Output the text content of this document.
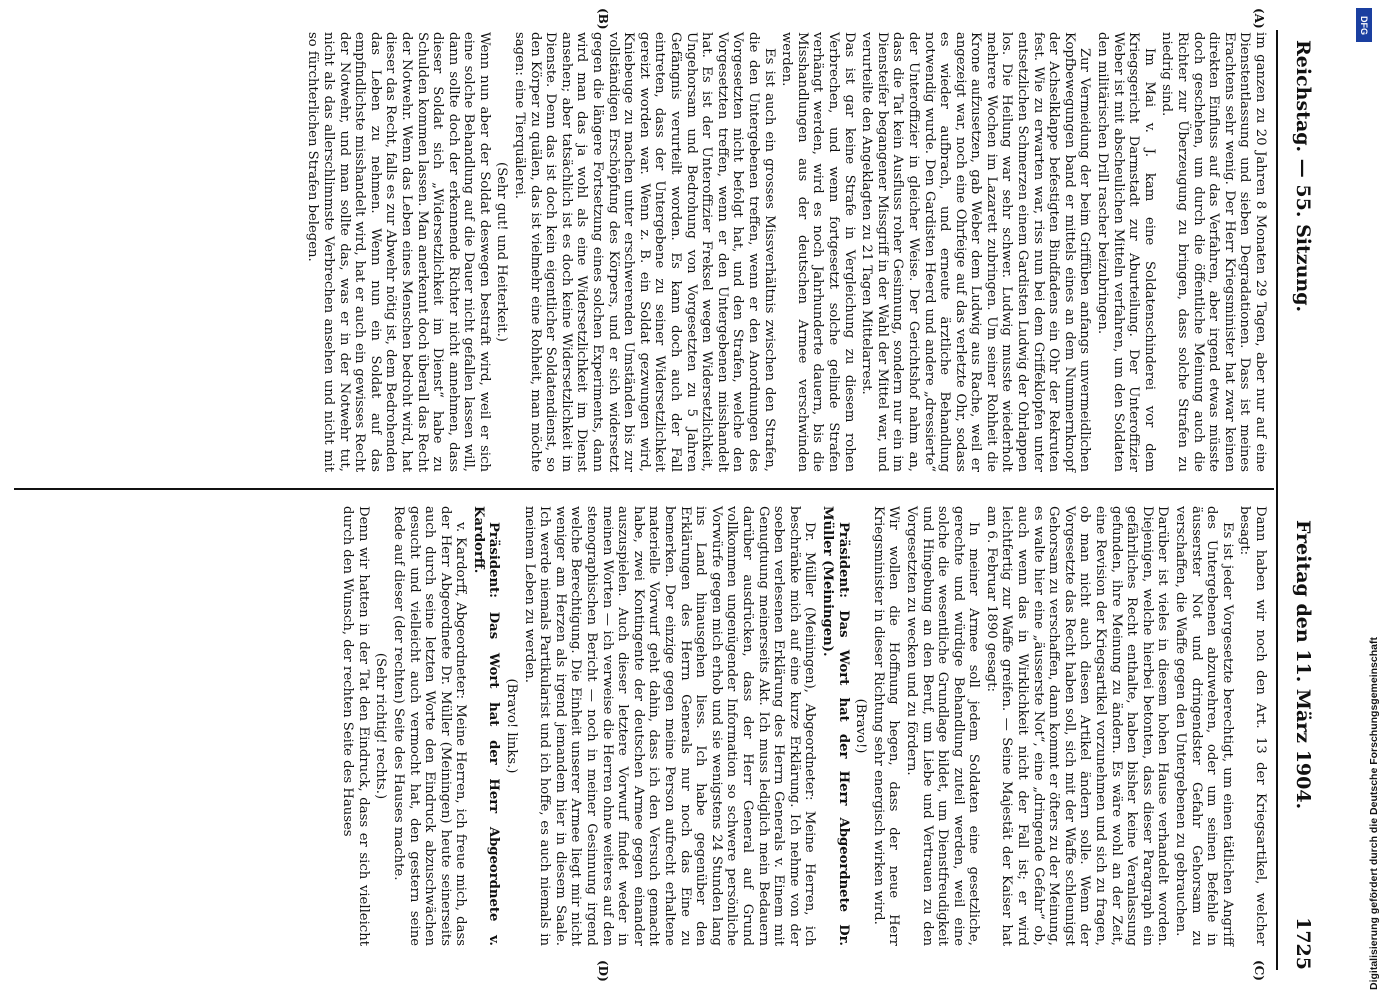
Reichstag. — 55. Sitzung.
Freitag den 11. März 1904.
1725
(A)
(B)
(C)
(D)

im ganzen zu 20 Jahren 8 Monaten 29 Tagen, aber nur auf eine Dienstentlassung und sieben Degradationen. Dass ist meines Erachtens sehr wenig. Der Herr Kriegsminister hat zwar keinen direkten Einfluss auf das Verfahren, aber irgend etwas müsste doch geschehen, um durch die öffentliche Meinung auch die Richter zur Überzeugung zu bringen, dass solche Strafen zu niedrig sind.

Im Mai v. J. kam eine Soldatenschinderei vor dem Kriegsgericht Darmstadt zur Aburteilung. Der Unteroffizier Weber ist mit abscheulichen Mitteln verfahren, um den Soldaten den militärischen Drill rascher beizubringen.

Zur Vermeidung der beim Griffüben anfangs unvermeidlichen Kopfbewegungen band er mittels eines an dem Nummernknopf der Achselklappe befestigten Bindfadens ein Ohr der Rekruten fest. Wie zu erwarten war, riss nun bei dem Griffeklopfen unter entsetzlichen Schmerzen einem Gardisten Ludwig der Ohrlappen los. Die Heilung war sehr schwer. Ludwig musste wiederholt mehrere Wochen im Lazarett zubringen. Um seiner Rohheit die Krone aufzusetzen, gab Weber dem Ludwig aus Rache, weil er angezeigt war, noch eine Ohrfeige auf das verletzte Ohr, sodass es wieder aufbrach, und erneute ärztliche Behandlung notwendig wurde. Den Gardisten Heerd und andere „dressierte“ der Unteroffizier in gleicher Weise. Der Gerichtshof nahm an, dass die Tat kein Ausfluss roher Gesinnung, sondern nur ein im Diensteifer begangener Missgriff in der Wahl der Mittel war, und verurteilte den Angeklagten zu 21 Tagen Mittelarrest.

Das ist gar keine Strafe in Vergleichung zu diesem rohen Verbrechen, und wenn fortgesetzt solche gelinde Strafen verhängt werden, wird es noch Jahrhunderte dauern, bis die Misshandlungen aus der deutschen Armee verschwinden werden.

Es ist auch ein grosses Missverhältnis zwischen den Strafen, die den Untergebenen treffen, wenn er den Anordnungen des Vorgesetzten nicht befolgt hat, und den Strafen, welche den Vorgesetzten treffen, wenn er den Untergebenen misshandelt hat. Es ist der Unteroffizier Freksel wegen Widersetzlichkeit, Ungehorsam und Bedrohung von Vorgesetzten zu 5 Jahren Gefängnis verurteilt worden. Es kann doch auch der Fall eintreten, dass der Untergebene zu seiner Widersetzlichkeit gereizt worden war. Wenn z. B. ein Soldat gezwungen wird, Kniebeuge zu machen unter erschwerenden Umständen bis zur vollständigen Erschöpfung des Körpers, und er sich widersetzt gegen die längere Fortsetzung eines solchen Experiments, dann wird man das ja wohl als eine Widersetzlichkeit im Dienst ansehen; aber tatsächlich ist es doch keine Widersetzlichkeit im Dienste. Denn das ist doch kein eigentlicher Soldatendienst, so den Körper zu quälen, das ist vielmehr eine Rohheit, man möchte sagen: eine Tierquälerei.

(Sehr gut! und Heiterkeit.)

Wenn nun aber der Soldat deswegen bestraft wird, weil er sich eine solche Behandlung auf die Dauer nicht gefallen lassen will, dann sollte doch der erkennende Richter nicht annehmen, dass dieser Soldat sich „Widersetzlichkeit im Dienst“ habe zu Schulden kommen lassen. Man anerkennt doch überall das Recht der Notwehr. Wenn das Leben eines Menschen bedroht wird, hat dieser das Recht, falls es zur Abwehr nötig ist, dem Bedrohenden das Leben zu nehmen. Wenn nun ein Soldat auf das empfindlichste misshandelt wird, hat er auch ein gewisses Recht der Notwehr, und man sollte das, was er in der Notwehr tut, nicht als das allerschlimmste Verbrechen ansehen und nicht mit so fürchterlichen Strafen belegen.

Dann haben wir noch den Art. 13 der Kriegsartikel, welcher besagt:

Es ist jeder Vorgesetzte berechtigt, um einen tätlichen Angriff des Untergebenen abzuwehren, oder um seinen Befehle in äusserster Not und dringendster Gefahr Gehorsam zu verschaffen, die Waffe gegen den Untergebenen zu gebrauchen.

Darüber ist vieles in diesem hohen Hause verhandelt worden. Diejenigen, welche hierbei betonten, dass dieser Paragraph ein gefährliches Recht enthalte, haben bisher keine Veranlassung gefunden, ihre Meinung zu ändern. Es wäre wohl an der Zeit, eine Revision der Kriegsartikel vorzunehmen und sich zu fragen, ob man nicht auch diesen Artikel ändern solle. Wenn der Vorgesetzte das Recht haben soll, sich mit der Waffe schleunigst Gehorsam zu verschaffen, dann kommt er öfters zu der Meinung, es walte hier eine „äusserste Not“, eine „dringende Gefahr“ ob, auch wenn das in Wirklichkeit nicht der Fall ist; er wird leichtfertig zur Waffe greifen. — Seine Majestät der Kaiser hat am 6. Februar 1890 gesagt:

In meiner Armee soll jedem Soldaten eine gesetzliche, gerechte und würdige Behandlung zuteil werden, weil eine solche die wesentliche Grundlage bildet, um Dienstfreudigkeit und Hingebung an den Beruf, um Liebe und Vertrauen zu den Vorgesetzten zu wecken und zu fördern.

Wir wollen die Hoffnung hegen, dass der neue Herr Kriegsminister in dieser Richtung sehr energisch wirken wird.

(Bravo!)

Präsident: Das Wort hat der Herr Abgeordnete Dr. Müller (Meiningen).

Dr. Müller (Meiningen), Abgeordneter: Meine Herren, ich beschränke mich auf eine kurze Erklärung. Ich nehme von der soeben verlesenen Erklärung des Herrn Generals v. Einem mit Genugtuung meinerseits Akt. Ich muss lediglich mein Bedauern darüber ausdrücken, dass der Herr General auf Grund vollkommen ungenügender Information so schwere persönliche Vorwürfe gegen mich erhob und sie wenigstens 24 Stunden lang ins Land hinausgehen liess. Ich habe gegenüber den Erklärungen des Herrn Generals nur noch das Eine zu bemerken. Der einzige gegen meine Person aufrecht erhaltene materielle Vorwurf geht dahin, dass ich den Versuch gemacht habe, zwei Kontingente der deutschen Armee gegen einander auszuspielen. Auch dieser letztere Vorwurf findet weder in meinen Worten — ich verweise die Herren ohne weiteres auf den stenographischen Bericht — noch in meiner Gesinnung irgend welche Berechtigung. Die Einheit unserer Armee liegt mir nicht weniger am Herzen als irgend jemandem hier in diesem Saale. Ich werde niemals Partikularist und ich hoffe, es auch niemals in meinem Leben zu werden.

(Bravo! links.)

Präsident: Das Wort hat der Herr Abgeordnete v. Kardorff.

v. Kardorff, Abgeordneter: Meine Herren, ich freue mich, dass der Herr Abgeordnete Dr. Müller (Meiningen) heute seinerseits auch durch seine letzten Worte den Eindruck abzuschwächen gesucht und vielleicht auch vermocht hat, den gestern seine Rede auf dieser (der rechten) Seite des Hauses machte.

(Sehr richtig! rechts.)

Denn wir hatten in der Tat den Eindruck, dass er sich vielleicht durch den Wunsch, der rechten Seite des Hauses

DFG
Digitalisierung gefördert durch die Deutsche Forschungsgemeinschaft
